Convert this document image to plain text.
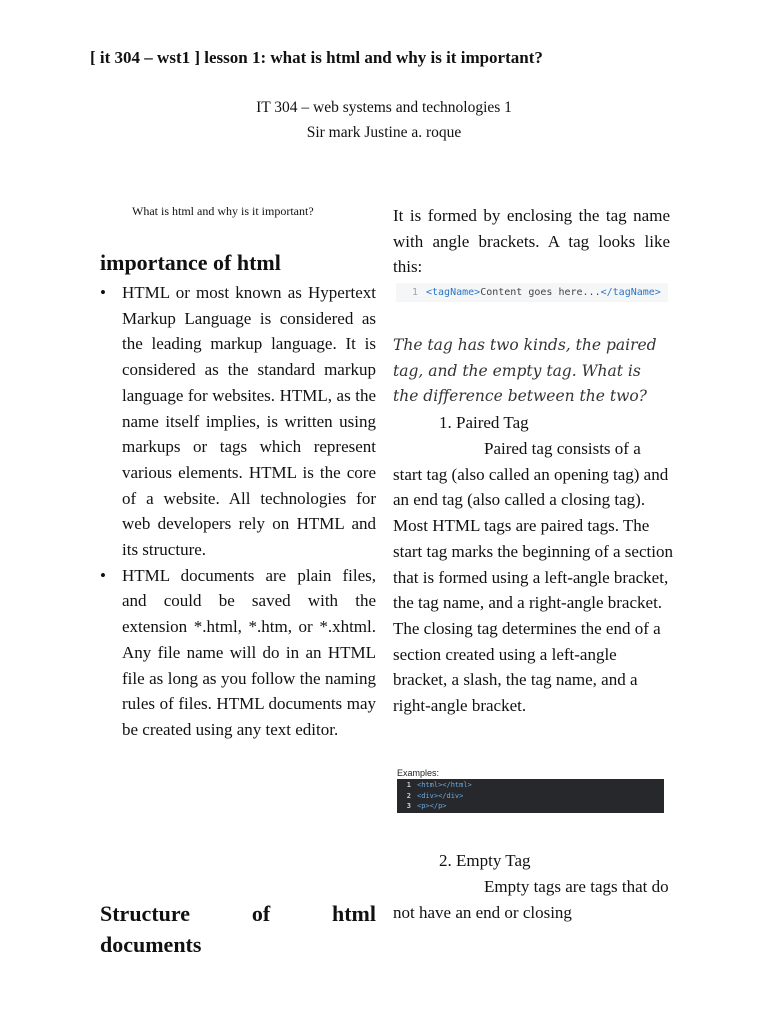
[ it 304 – wst1 ] lesson 1: what is html and why is it important?
IT 304 – web systems and technologies 1
Sir mark Justine a. roque
What is html and why is it important?
importance of html
• HTML or most known as Hypertext Markup Language is considered as the leading markup language. It is considered as the standard markup language for websites. HTML, as the name itself implies, is written using markups or tags which represent various elements. HTML is the core of a website. All technologies for web developers rely on HTML and its structure.
• HTML documents are plain files, and could be saved with the extension *.html, *.htm, or *.xhtml. Any file name will do in an HTML file as long as you follow the naming rules of files. HTML documents may be created using any text editor.
Structure	of	html
documents
It is formed by enclosing the tag name with angle brackets. A tag looks like this:
1 <tagName>Content goes here...</tagName>
The tag has two kinds, the paired tag, and the empty tag. What is the difference between the two?
1. Paired Tag
Paired tag consists of a start tag (also called an opening tag) and an end tag (also called a closing tag). Most HTML tags are paired tags. The start tag marks the beginning of a section that is formed using a left-angle bracket, the tag name, and a right-angle bracket. The closing tag determines the end of a section created using a left-angle bracket, a slash, the tag name, and a right-angle bracket.
Examples:
1 <html></html>
2 <div></div>
3 <p></p>
2. Empty Tag
Empty tags are tags that do not have an end or closing
